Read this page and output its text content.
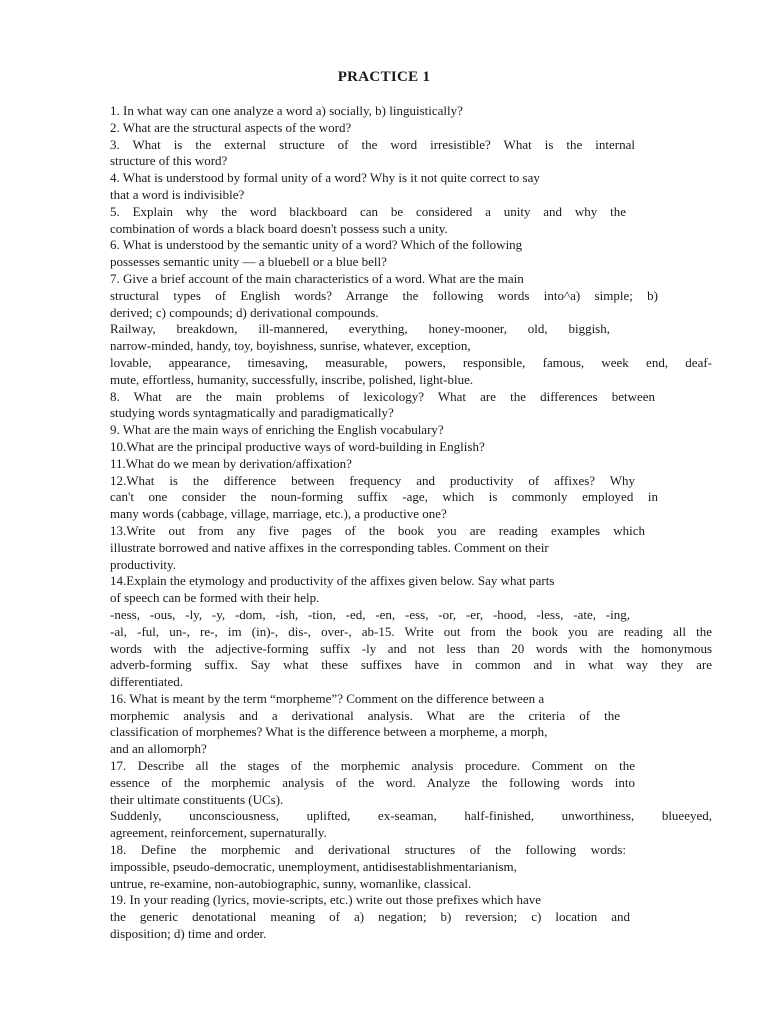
PRACTICE 1
1. In what way can one analyze a word a) socially, b) linguistically?
2. What are the structural aspects of the word?
3. What is the external structure of the word irresistible? What is the internal
structure of this word?
4. What is understood by formal unity of a word? Why is it not quite correct to say
that a word is indivisible?
5. Explain why the word blackboard can be considered a unity and why the
combination of words a black board doesn't possess such a unity.
6. What is understood by the semantic unity of a word? Which of the following
possesses semantic unity — a bluebell or a blue bell?
7. Give a brief account of the main characteristics of a word. What are the main
structural types of English words? Arrange the following words into^a) simple; b)
derived; c) compounds; d) derivational compounds.
Railway, breakdown, ill-mannered, everything, honey-mooner, old, biggish,
narrow-minded, handy, toy, boyishness, sunrise, whatever, exception,
lovable, appearance, timesaving, measurable, powers, responsible, famous, week end, deaf-
mute, effortless, humanity, successfully, inscribe, polished, light-blue.
8. What are the main problems of lexicology? What are the differences between
studying words syntagmatically and paradigmatically?
9. What are the main ways of enriching the English vocabulary?
10.What are the principal productive ways of word-building in English?
11.What do we mean by derivation/affixation?
12.What is the difference between frequency and productivity of affixes? Why
can't one consider the noun-forming suffix -age, which is commonly employed in
many words (cabbage, village, marriage, etc.), a productive one?
13.Write out from any five pages of the book you are reading examples which
illustrate borrowed and native affixes in the corresponding tables. Comment on their
productivity.
14.Explain the etymology and productivity of the affixes given below. Say what parts
of speech can be formed with their help.
-ness, -ous, -ly, -y, -dom, -ish, -tion, -ed, -en, -ess, -or, -er, -hood, -less, -ate, -ing,
-al, -ful, un-, re-, im (in)-, dis-, over-, ab-15. Write out from the book you are reading all the
words with the adjective-forming suffix -ly and not less than 20 words with the homonymous
adverb-forming suffix. Say what these suffixes have in common and in what way they are
differentiated.
16. What is meant by the term “morpheme”? Comment on the difference between a
morphemic analysis and a derivational analysis. What are the criteria of the
classification of morphemes? What is the difference between a morpheme, a morph,
and an allomorph?
17. Describe all the stages of the morphemic analysis procedure. Comment on the
essence of the morphemic analysis of the word. Analyze the following words into
their ultimate constituents (UCs).
Suddenly, unconsciousness, uplifted, ex-seaman, half-finished, unworthiness, blueeyed,
agreement, reinforcement, supernaturally.
18. Define the morphemic and derivational structures of the following words:
impossible, pseudo-democratic, unemployment, antidisestablishmentarianism,
untrue, re-examine, non-autobiographic, sunny, womanlike, classical.
19. In your reading (lyrics, movie-scripts, etc.) write out those prefixes which have
the generic denotational meaning of a) negation; b) reversion; c) location and
disposition; d) time and order.
